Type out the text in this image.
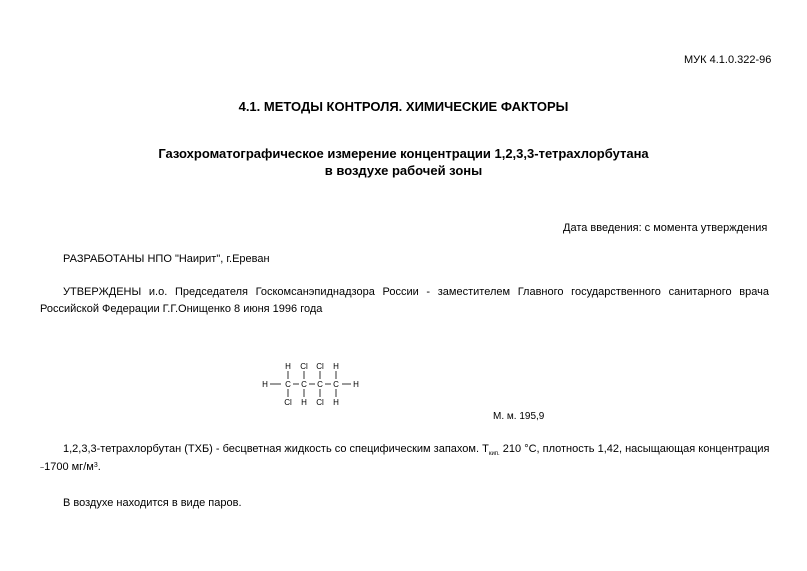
МУК 4.1.0.322-96
4.1. МЕТОДЫ КОНТРОЛЯ. ХИМИЧЕСКИЕ ФАКТОРЫ
Газохроматографическое измерение концентрации 1,2,3,3-тетрахлорбутана
в воздухе рабочей зоны
Дата введения: с момента утверждения
РАЗРАБОТАНЫ НПО "Наирит", г.Ереван
УТВЕРЖДЕНЫ и.о. Председателя Госкомсанэпиднадзора России - заместителем Главного государственного санитарного врача
Российской Федерации Г.Г.Онищенко 8 июня 1996 года
H Cl Cl H
H C C C C H
Cl H Cl H
М. м. 195,9
1,2,3,3-тетрахлорбутан (ТХБ) - бесцветная жидкость со специфическим запахом. Tкип. 210 °С, плотность 1,42, насыщающая концентрация
~1700 $мг/м^3$.
В воздухе находится в виде паров.
